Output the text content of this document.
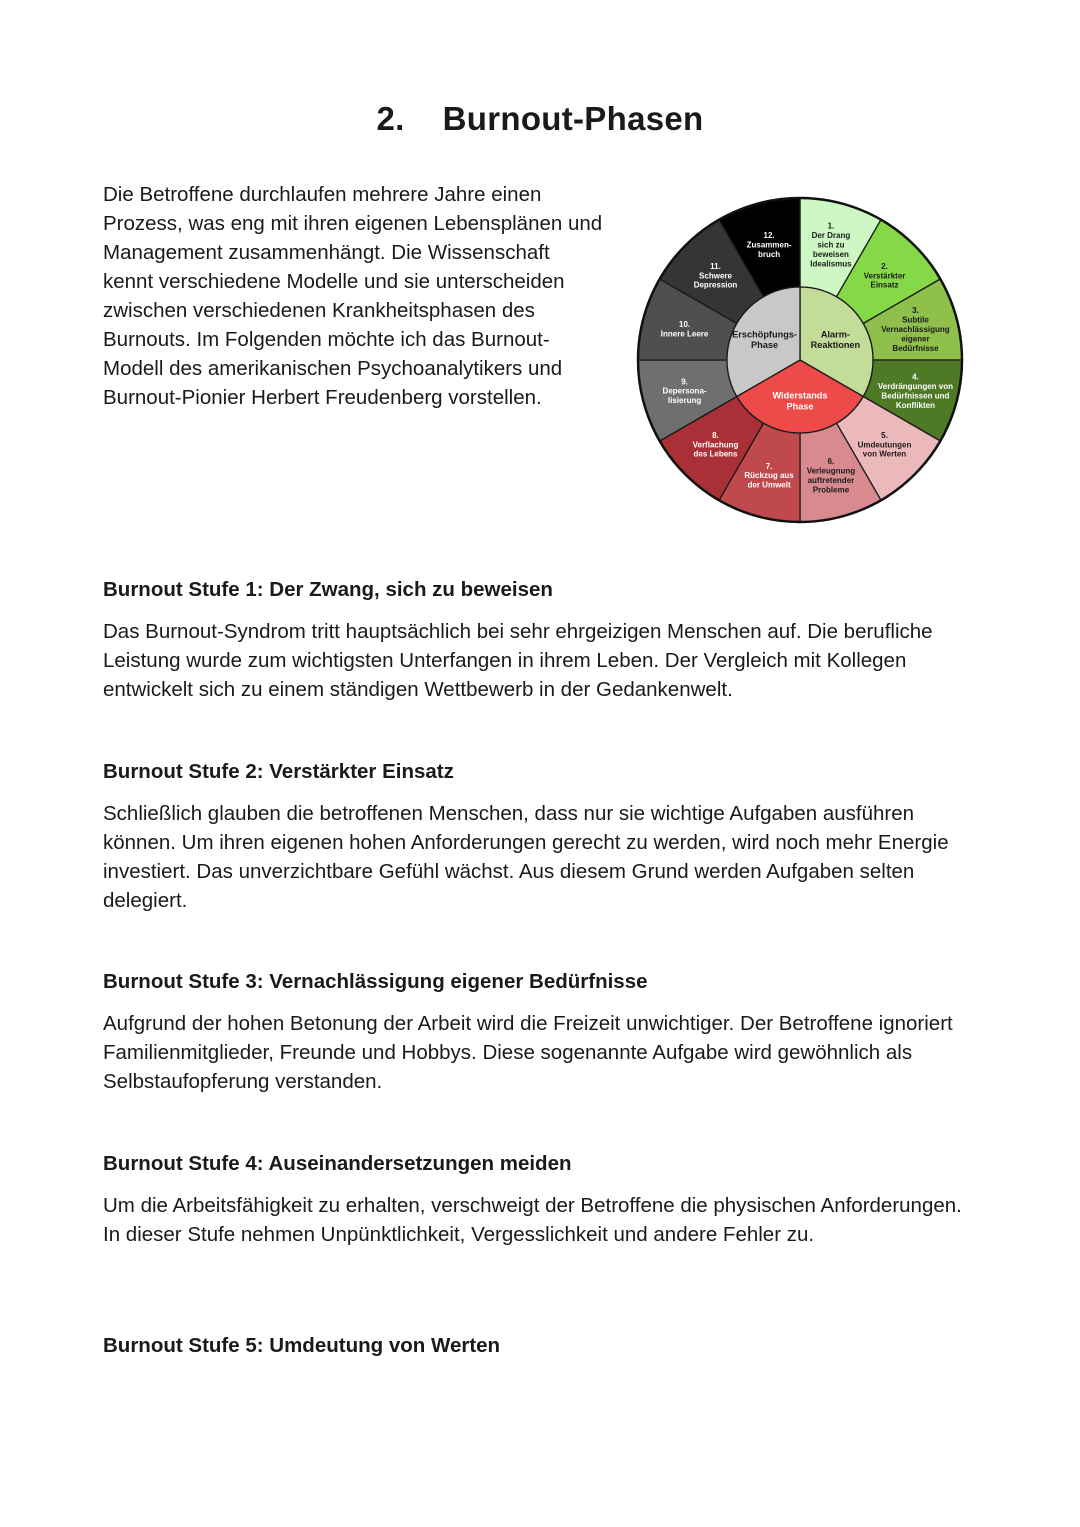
2. Burnout-Phasen

Die Betroffene durchlaufen mehrere Jahre einen Prozess, was eng mit ihren eigenen Lebensplänen und Management zusammenhängt. Die Wissenschaft kennt verschiedene Modelle und sie unterscheiden zwischen verschiedenen Krankheitsphasen des Burnouts. Im Folgenden möchte ich das Burnout-Modell des amerikanischen Psychoanalytikers und Burnout-Pionier Herbert Freudenberg vorstellen.

1. Der Drang sich zu beweisen Idealismus	2. Verstärkter Einsatz
3. Subtile Vernachlässigung eigener Bedürfnisse
4. Verdrängungen von Bedürfnissen und Konflikten
5. Umdeutungen von Werten
6. Verleugnung auftretender Probleme
7. Rückzug aus der Umwelt
8. Verflachung des Lebens
9. Depersona-lisierung
10. Innere Leere
11. Schwere Depression
12. Zusammen-bruch
Alarm-Reaktionen
Widerstands Phase
Erschöpfungs-Phase
Burnout Stufe 1: Der Zwang, sich zu beweisen

Das Burnout-Syndrom tritt hauptsächlich bei sehr ehrgeizigen Menschen auf. Die berufliche Leistung wurde zum wichtigsten Unterfangen in ihrem Leben. Der Vergleich mit Kollegen entwickelt sich zu einem ständigen Wettbewerb in der Gedankenwelt.

Burnout Stufe 2: Verstärkter Einsatz

Schließlich glauben die betroffenen Menschen, dass nur sie wichtige Aufgaben ausführen können. Um ihren eigenen hohen Anforderungen gerecht zu werden, wird noch mehr Energie investiert. Das unverzichtbare Gefühl wächst. Aus diesem Grund werden Aufgaben selten delegiert.

Burnout Stufe 3: Vernachlässigung eigener Bedürfnisse

Aufgrund der hohen Betonung der Arbeit wird die Freizeit unwichtiger. Der Betroffene ignoriert Familienmitglieder, Freunde und Hobbys. Diese sogenannte Aufgabe wird gewöhnlich als Selbstaufopferung verstanden.

Burnout Stufe 4: Auseinandersetzungen meiden

Um die Arbeitsfähigkeit zu erhalten, verschweigt der Betroffene die physischen Anforderungen. In dieser Stufe nehmen Unpünktlichkeit, Vergesslichkeit und andere Fehler zu.

Burnout Stufe 5: Umdeutung von Werten
